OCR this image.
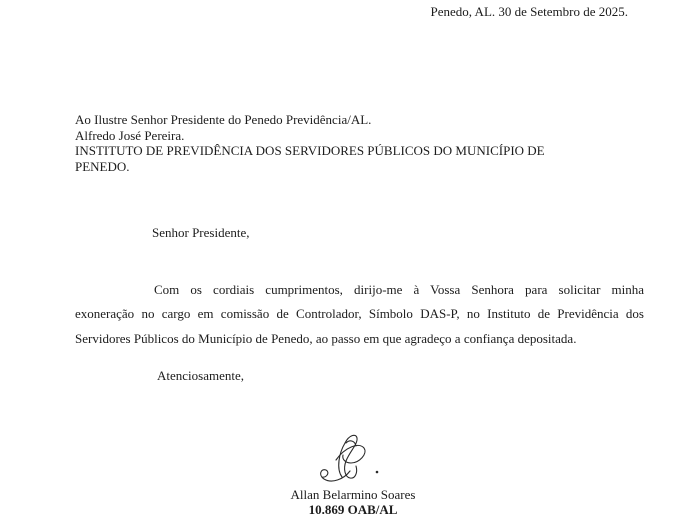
Penedo, AL. 30 de Setembro de 2025.
Ao Ilustre Senhor Presidente do Penedo Previdência/AL.
Alfredo José Pereira.
INSTITUTO DE PREVIDÊNCIA DOS SERVIDORES PÚBLICOS DO MUNICÍPIO DE
PENEDO.
Senhor Presidente,
Com os cordiais cumprimentos, dirijo-me à Vossa Senhora para solicitar minha
exoneração no cargo em comissão de Controlador, Símbolo DAS-P, no Instituto de Previdência dos
Servidores Públicos do Município de Penedo, ao passo em que agradeço a confiança depositada.
Atenciosamente,
Allan Belarmino Soares
10.869 OAB/AL
